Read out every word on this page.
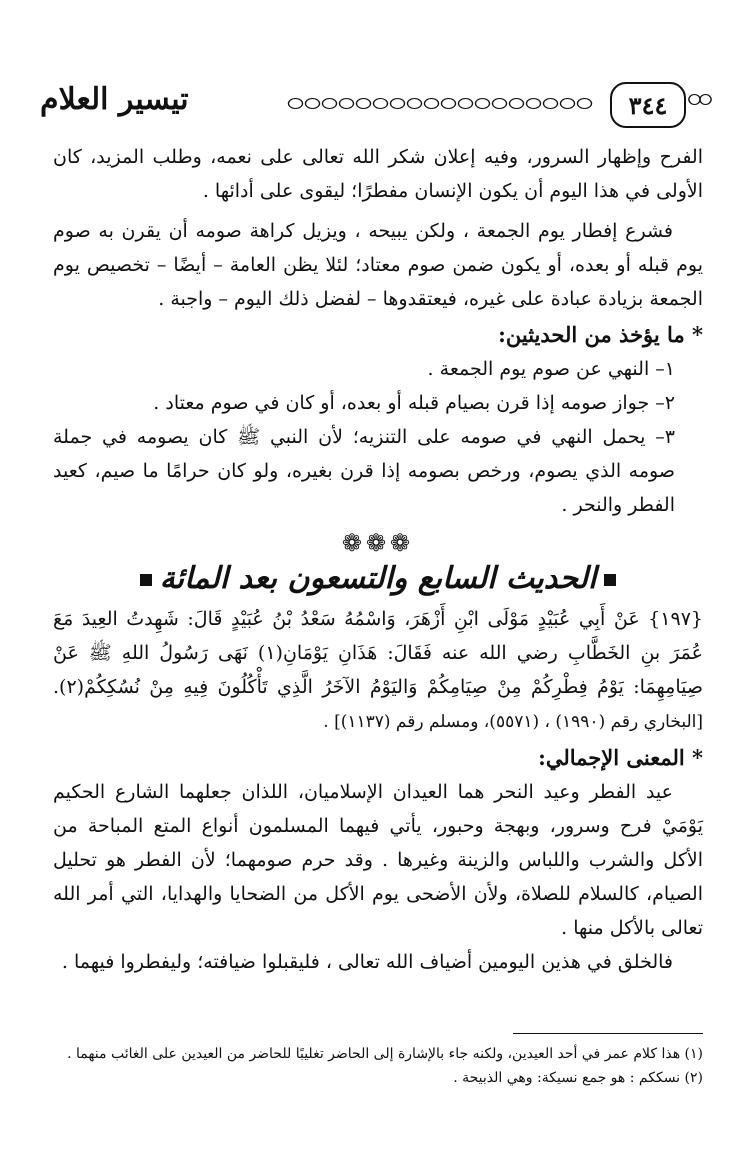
٣٤٤
تيسير العلام

الفرح وإظهار السرور، وفيه إعلان شكر الله تعالى على نعمه، وطلب المزيد، كان الأولى في هذا اليوم أن يكون الإنسان مفطرًا؛ ليقوى على أدائها .

فشرع إفطار يوم الجمعة ، ولكن يبيحه ، ويزيل كراهة صومه أن يقرن به صوم يوم قبله أو بعده، أو يكون ضمن صوم معتاد؛ لئلا يظن العامة – أيضًا – تخصيص يوم الجمعة بزيادة عبادة على غيره، فيعتقدوها – لفضل ذلك اليوم – واجبة .

* ما يؤخذ من الحديثين:

١– النهي عن صوم يوم الجمعة .

٢– جواز صومه إذا قرن بصيام قبله أو بعده، أو كان في صوم معتاد .

٣– يحمل النهي في صومه على التنزيه؛ لأن النبي ﷺ كان يصومه في جملة صومه الذي يصوم، ورخص بصومه إذا قرن بغيره، ولو كان حرامًا ما صيم، كعيد الفطر والنحر .

❁❁❁
الحديث السابع والتسعون بعد المائة

{١٩٧} عَنْ أَبِي عُبَيْدٍ مَوْلَى ابْنِ أَزْهَرَ، وَاسْمُهُ سَعْدُ بْنُ عُبَيْدٍ قَالَ: شَهِدتُ العِيدَ مَعَ عُمَرَ بنِ الخَطَّابِ رضي الله عنه فَقَالَ: هَذَانِ يَوْمَانِ(١) نَهَى رَسُولُ اللهِ ﷺ عَنْ صِيَامِهِمَا: يَوْمُ فِطْرِكُمْ مِنْ صِيَامِكُمْ وَاليَوْمُ الآخَرُ الَّذِي تَأْكُلُونَ فِيهِ مِنْ نُسُكِكُمْ(٢). [البخاري رقم (١٩٩٠) ، (٥٥٧١)، ومسلم رقم (١١٣٧)] .

* المعنى الإجمالي:

عيد الفطر وعيد النحر هما العيدان الإسلاميان، اللذان جعلهما الشارع الحكيم يَوْمَيْ فرح وسرور، وبهجة وحبور، يأتي فيهما المسلمون أنواع المتع المباحة من الأكل والشرب واللباس والزينة وغيرها . وقد حرم صومهما؛ لأن الفطر هو تحليل الصيام، كالسلام للصلاة، ولأن الأضحى يوم الأكل من الضحايا والهدايا، التي أمر الله تعالى بالأكل منها .

فالخلق في هذين اليومين أضياف الله تعالى ، فليقبلوا ضيافته؛ وليفطروا فيهما .

(١) هذا كلام عمر في أحد العيدين، ولكنه جاء بالإشارة إلى الحاضر تغليبًا للحاضر من العيدين على الغائب منهما .

(٢) نسككم : هو جمع نسيكة: وهي الذبيحة .
